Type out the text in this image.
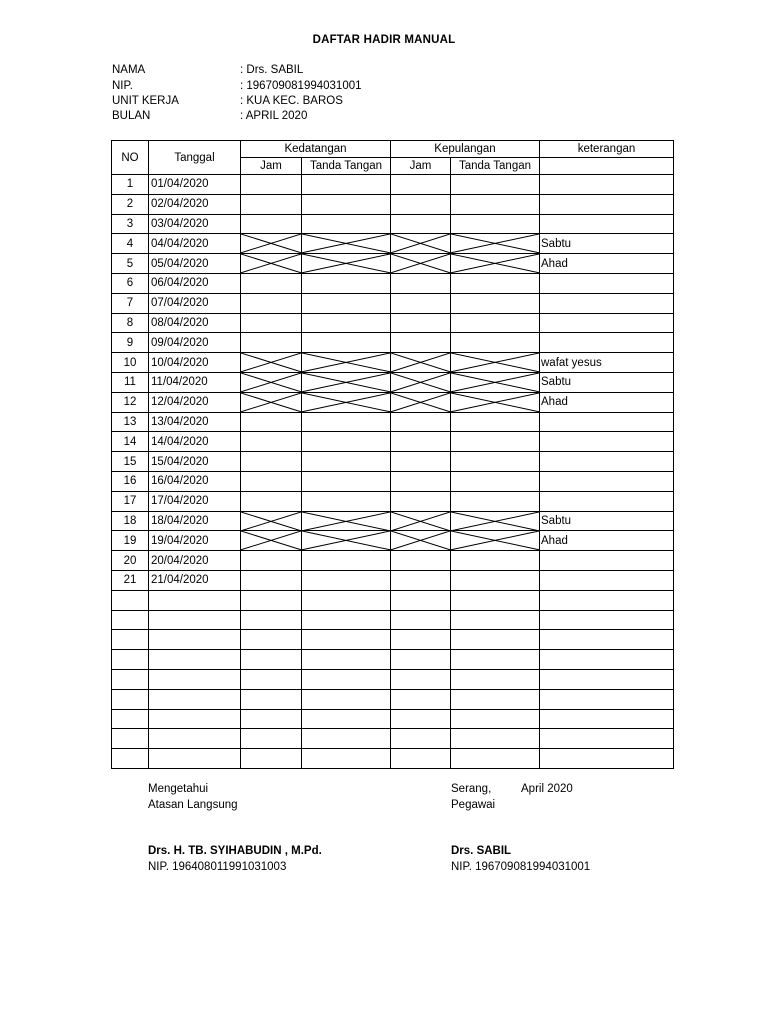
DAFTAR HADIR MANUAL
NAMA	: Drs. SABIL
NIP.	: 196709081994031001
UNIT KERJA	: KUA KEC. BAROS
BULAN	: APRIL 2020
NO	Tanggal	Kedatangan		Kepulangan		keterangan
		Jam	Tanda Tangan	Jam	Tanda Tangan	
1	01/04/2020					
2	02/04/2020					
3	03/04/2020					
4	04/04/2020					Sabtu
5	05/04/2020					Ahad
6	06/04/2020					
7	07/04/2020					
8	08/04/2020					
9	09/04/2020					
10	10/04/2020					wafat yesus
11	11/04/2020					Sabtu
12	12/04/2020					Ahad
13	13/04/2020					
14	14/04/2020					
15	15/04/2020					
16	16/04/2020					
17	17/04/2020					
18	18/04/2020					Sabtu
19	19/04/2020					Ahad
20	20/04/2020					
21	21/04/2020					

Mengetahui
Atasan Langsung
Drs. H. TB. SYIHABUDIN , M.Pd.
NIP. 196408011991031003
Serang,	April 2020
Pegawai
Drs. SABIL
NIP. 196709081994031001
